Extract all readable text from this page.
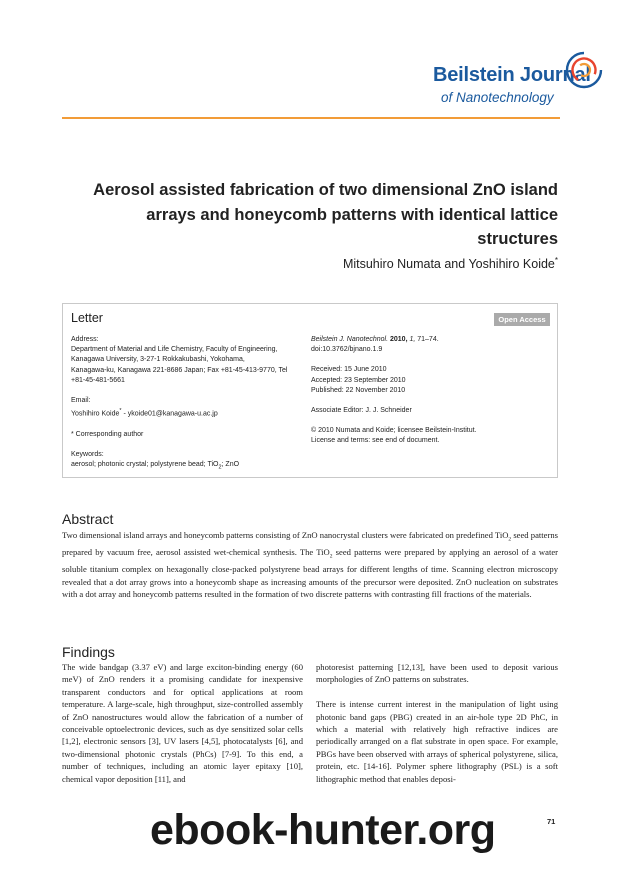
Beilstein Journal
of Nanotechnology
Aerosol assisted fabrication of two dimensional ZnO island arrays and honeycomb patterns with identical lattice structures
Mitsuhiro Numata and Yoshihiro Koide*
Letter	Open Access

Address:

Department of Material and Life Chemistry, Faculty of Engineering,

Kanagawa University, 3-27-1 Rokkakubashi, Yokohama,

Kanagawa-ku, Kanagawa 221-8686 Japan; Fax +81-45-413-9770, Tel

+81-45-481-5661

Email:

Yoshihiro Koide* - ykoide01@kanagawa-u.ac.jp

* Corresponding author

Keywords:

aerosol; photonic crystal; polystyrene bead; TiO$_2$; ZnO

Beilstein J. Nanotechnol. 2010, 1, 71–74.

doi:10.3762/bjnano.1.9

Received: 15 June 2010

Accepted: 23 September 2010

Published: 22 November 2010

Associate Editor: J. J. Schneider

© 2010 Numata and Koide; licensee Beilstein-Institut.

License and terms: see end of document.

Abstract

Two dimensional island arrays and honeycomb patterns consisting of ZnO nanocrystal clusters were fabricated on predefined TiO$_2$ seed patterns prepared by vacuum free, aerosol assisted wet-chemical synthesis. The TiO$_2$ seed patterns were prepared by applying an aerosol of a water soluble titanium complex on hexagonally close-packed polystyrene bead arrays for different lengths of time. Scanning electron microscopy revealed that a dot array grows into a honeycomb shape as increasing amounts of the precursor were deposited. ZnO nucleation on substrates with a dot array and honeycomb patterns resulted in the formation of two discrete patterns with contrasting fill fractions of the materials.

Findings

The wide bandgap (3.37 eV) and large exciton-binding energy (60 meV) of ZnO renders it a promising candidate for inexpensive transparent conductors and for optical applications at room temperature. A large-scale, high throughput, size-controlled assembly of ZnO nanostructures would allow the fabrication of a number of conceivable optoelectronic devices, such as dye sensitized solar cells [1,2], electronic sensors [3], UV lasers [4,5], photocatalysts [6], and two-dimensional photonic crystals (PhCs) [7-9]. To this end, a number of techniques, including an atomic layer epitaxy [10], chemical vapor deposition [11], and

photoresist patterning [12,13], have been used to deposit various morphologies of ZnO patterns on substrates.

There is intense current interest in the manipulation of light using photonic band gaps (PBG) created in an air-hole type 2D PhC, in which a material with relatively high refractive indices are periodically arranged on a flat substrate in open space. For example, PBGs have been observed with arrays of spherical polystyrene, silica, protein, etc. [14-16]. Polymer sphere lithography (PSL) is a soft lithographic method that enables deposi-

71
ebook-hunter.org
